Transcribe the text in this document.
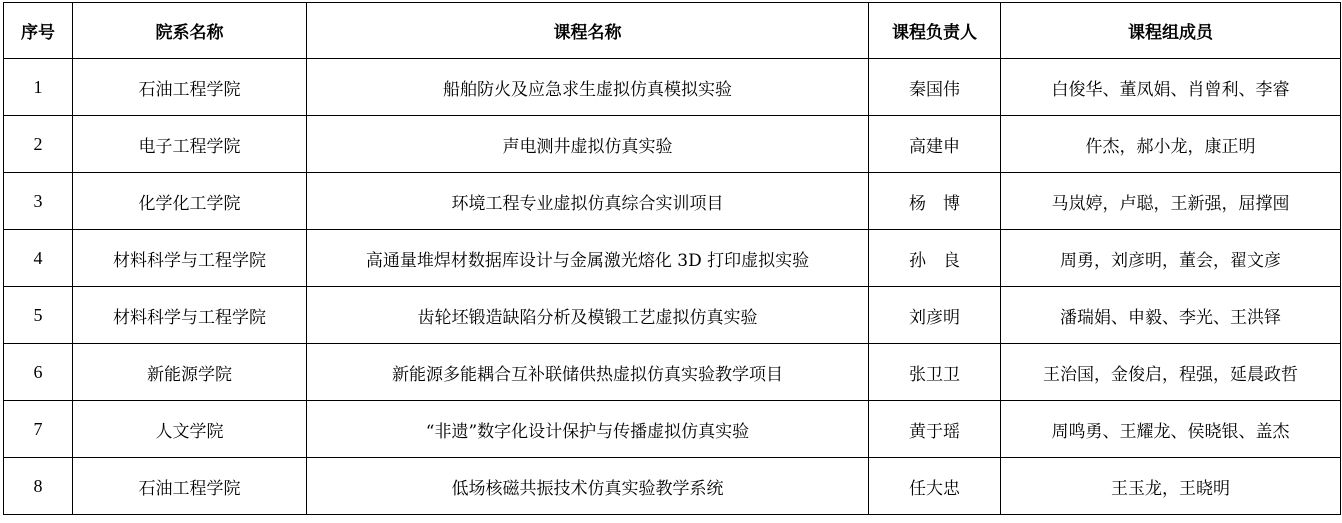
序号	院系名称	课程名称	课程负责人	课程组成员
1	石油工程学院	船舶防火及应急求生虚拟仿真模拟实验	秦国伟	白俊华、董凤娟、肖曾利、李睿
2	电子工程学院	声电测井虚拟仿真实验	高建申	仵杰，郝小龙，康正明
3	化学化工学院	环境工程专业虚拟仿真综合实训项目	杨　博	马岚婷，卢聪，王新强，屈撑囤
4	材料科学与工程学院	高通量堆焊材数据库设计与金属激光熔化 3D 打印虚拟实验	孙　良	周勇，刘彦明，董会，翟文彦
5	材料科学与工程学院	齿轮坯锻造缺陷分析及模锻工艺虚拟仿真实验	刘彦明	潘瑞娟、申毅、李光、王洪铎
6	新能源学院	新能源多能耦合互补联储供热虚拟仿真实验教学项目	张卫卫	王治国，金俊启，程强，延晨政哲
7	人文学院	“非遗”数字化设计保护与传播虚拟仿真实验	黄于瑶	周鸣勇、王耀龙、侯晓银、盖杰
8	石油工程学院	低场核磁共振技术仿真实验教学系统	任大忠	王玉龙，王晓明
